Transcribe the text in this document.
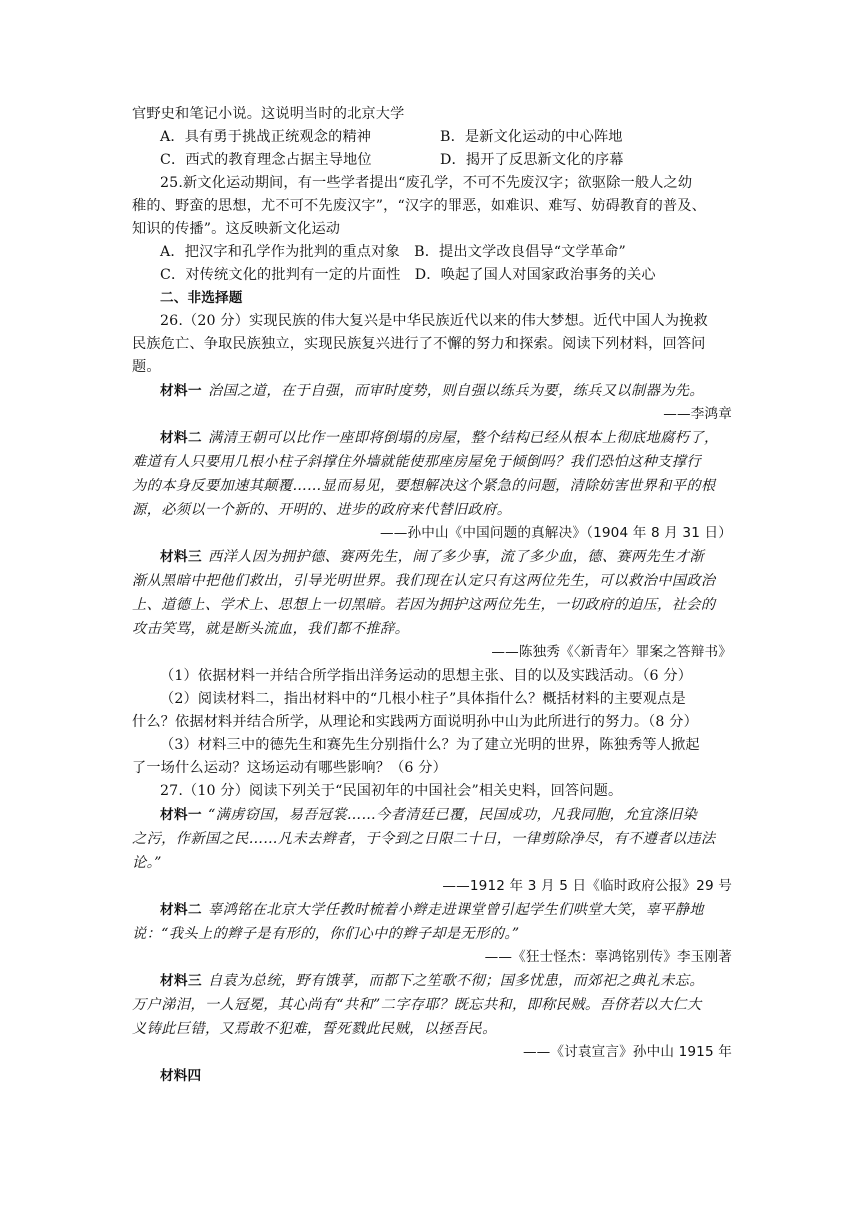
官野史和笔记小说。这说明当时的北京大学
A．具有勇于挑战正统观念的精神	B．是新文化运动的中心阵地
C．西式的教育理念占据主导地位	D．揭开了反思新文化的序幕
25.新文化运动期间，有一些学者提出“废孔学，不可不先废汉字；欲驱除一般人之幼
稚的、野蛮的思想，尤不可不先废汉字”，“汉字的罪恶，如难识、难写、妨碍教育的普及、
知识的传播”。这反映新文化运动
A．把汉字和孔学作为批判的重点对象　B．提出文学改良倡导“文学革命”
C．对传统文化的批判有一定的片面性　D．唤起了国人对国家政治事务的关心
二、非选择题
26.（20 分）实现民族的伟大复兴是中华民族近代以来的伟大梦想。近代中国人为挽救
民族危亡、争取民族独立，实现民族复兴进行了不懈的努力和探索。阅读下列材料，回答问
题。
材料一 治国之道，在于自强，而审时度势，则自强以练兵为要，练兵又以制器为先。
——李鸿章
材料二 满清王朝可以比作一座即将倒塌的房屋，整个结构已经从根本上彻底地腐朽了，
难道有人只要用几根小柱子斜撑住外墙就能使那座房屋免于倾倒吗？我们恐怕这种支撑行
为的本身反要加速其颠覆……显而易见，要想解决这个紧急的问题，清除妨害世界和平的根
源，必须以一个新的、开明的、进步的政府来代替旧政府。
——孙中山《中国问题的真解决》（1904 年 8 月 31 日）
材料三 西洋人因为拥护德、赛两先生，闹了多少事，流了多少血，德、赛两先生才渐
渐从黑暗中把他们救出，引导光明世界。我们现在认定只有这两位先生，可以救治中国政治
上、道德上、学术上、思想上一切黑暗。若因为拥护这两位先生，一切政府的迫压，社会的
攻击笑骂，就是断头流血，我们都不推辞。
——陈独秀《〈新青年〉罪案之答辩书》
（1）依据材料一并结合所学指出洋务运动的思想主张、目的以及实践活动。（6 分）
（2）阅读材料二，指出材料中的“几根小柱子”具体指什么？概括材料的主要观点是
什么？依据材料并结合所学，从理论和实践两方面说明孙中山为此所进行的努力。（8 分）
（3）材料三中的德先生和赛先生分别指什么？为了建立光明的世界，陈独秀等人掀起
了一场什么运动？这场运动有哪些影响？（6 分）
27.（10 分）阅读下列关于“民国初年的中国社会”相关史料，回答问题。
材料一 “满虏窃国，易吾冠裳……今者清廷已覆，民国成功，凡我同胞，允宜涤旧染
之污，作新国之民……凡未去辫者，于令到之日限二十日，一律剪除净尽，有不遵者以违法
论。”
——1912 年 3 月 5 日《临时政府公报》29 号
材料二 辜鸿铭在北京大学任教时梳着小辫走进课堂曾引起学生们哄堂大笑，辜平静地
说：“我头上的辫子是有形的，你们心中的辫子却是无形的。”
——《狂士怪杰：辜鸿铭别传》李玉刚著
材料三 自袁为总统，野有饿莩，而都下之笙歌不彻；国多忧患，而郊祀之典礼未忘。
万户涕泪，一人冠冕，其心尚有“共和”二字存耶？既忘共和，即称民贼。吾侪若以大仁大
义铸此巨错，又焉敢不犯难，誓死戮此民贼，以拯吾民。
——《讨袁宣言》孙中山 1915 年
材料四
